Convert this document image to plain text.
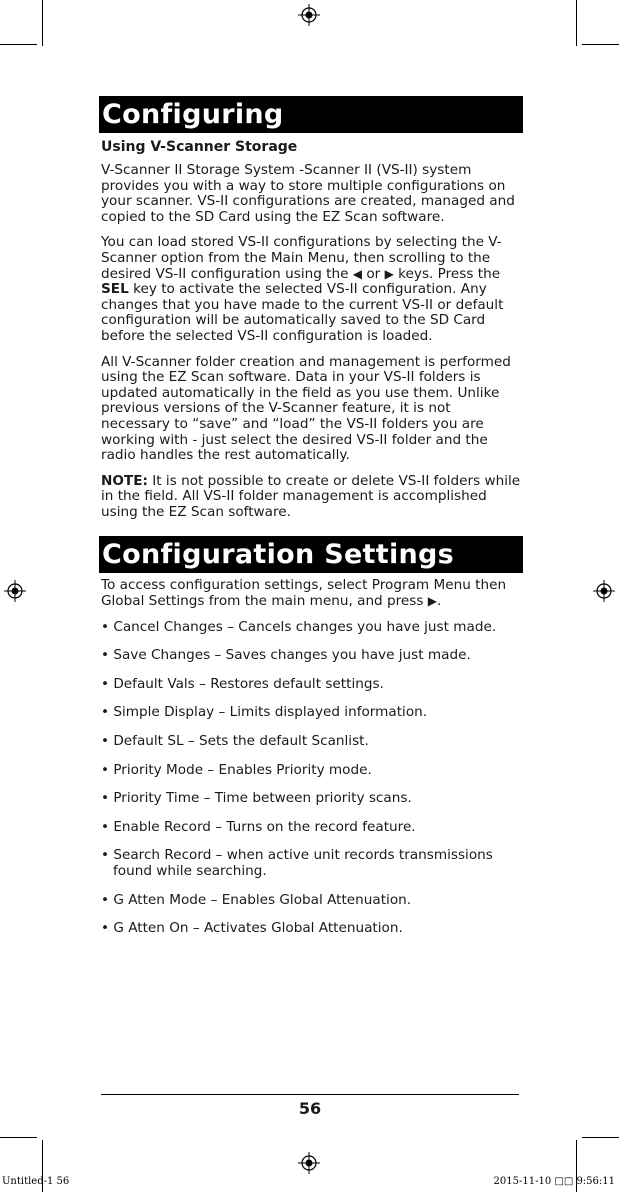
Configuring
Using V-Scanner Storage

V-Scanner II Storage System -Scanner II (VS-II) system provides you with a way to store multiple configurations on your scanner. VS-II configurations are created, managed and copied to the SD Card using the EZ Scan software.

You can load stored VS-II configurations by selecting the V-Scanner option from the Main Menu, then scrolling to the desired VS-II configuration using the ◀ or ▶ keys. Press the SEL key to activate the selected VS-II configuration. Any changes that you have made to the current VS-II or default configuration will be automatically saved to the SD Card before the selected VS-II configuration is loaded.

All V-Scanner folder creation and management is performed using the EZ Scan software. Data in your VS-II folders is updated automatically in the field as you use them. Unlike previous versions of the V-Scanner feature, it is not necessary to “save” and “load” the VS-II folders you are working with - just select the desired VS-II folder and the radio handles the rest automatically.

NOTE: It is not possible to create or delete VS-II folders while in the field. All VS-II folder management is accomplished using the EZ Scan software.

Configuration Settings

To access configuration settings, select Program Menu then Global Settings from the main menu, and press ▶.

• Cancel Changes – Cancels changes you have just made.
• Save Changes – Saves changes you have just made.
• Default Vals – Restores default settings.
• Simple Display – Limits displayed information.
• Default SL – Sets the default Scanlist.
• Priority Mode – Enables Priority mode.
• Priority Time – Time between priority scans.
• Enable Record – Turns on the record feature.
• Search Record – when active unit records transmissions found while searching.
• G Atten Mode – Enables Global Attenuation.
• G Atten On – Activates Global Attenuation.
56
Untitled-1 56	2015-11-10 □□ 9:56:11
